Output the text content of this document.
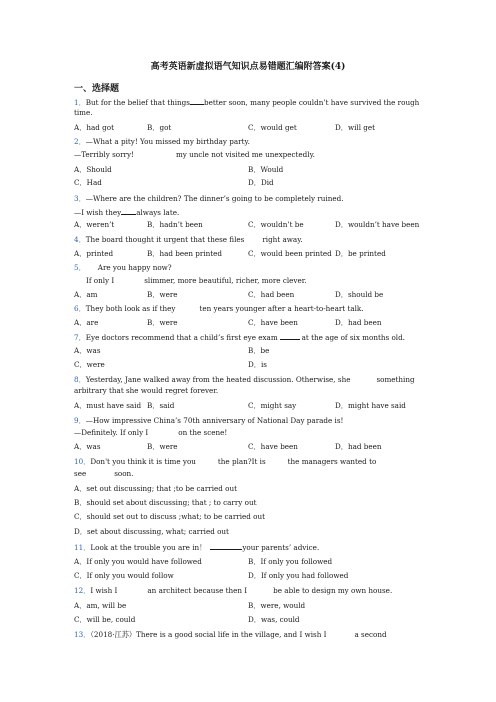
高考英语新虚拟语气知识点易错题汇编附答案(4)
一、选择题
1．But for the belief that things better soon, many people couldn’t have survived the rough
time.
A．had got	B．got	C．would get	D．will get
2．—What a pity! You missed my birthday party.
—Terribly sorry!	my uncle not visited me unexpectedly.
A．Should	B．Would
C．Had	D．Did
3．—Where are the children? The dinner’s going to be completely ruined.
—I wish they always late.
A．weren’t	B．hadn’t been	C．wouldn’t be	D．wouldn’t have been
4．The board thought it urgent that these files	right away.
A．printed	B．had been printed	C．would been printed D．be printed
5． Are you happy now?
If only I	slimmer, more beautiful, richer, more clever.
A．am	B．were	C．had been	D．should be
6．They both look as if they	ten years younger after a heart-to-heart talk.
A．are	B．were	C．have been	D．had been
7．Eye doctors recommend that a child’s first eye exam	at the age of six months old.
A．was	B．be
C．were	D．is
8．Yesterday, Jane walked away from the heated discussion. Otherwise, she	something
arbitrary that she would regret forever.
A．must have said B．said	C．might say	D．might have said
9．—How impressive China’s 70th anniversary of National Day parade is!
—Definitely. If only I	on the scene!
A．was	B．were	C．have been	D．had been
10．Don't you think it is time you	the plan?It is	the managers wanted to
see	soon.
A．set out discussing; that ;to be carried out
B．should set about discussing; that ; to carry out
C．should set out to discuss ;what; to be carried out
D．set about discussing, what; carried out
11．Look at the trouble you are in！	your parents’ advice.
A．If only you would have followed	B．If only you followed
C．If only you would follow	D．If only you had followed
12．I wish I	an architect because then I	be able to design my own house.
A．am, will be	B．were, would
C．will be, could	D．was, could
13．（2018·江苏）There is a good social life in the village, and I wish I	a second
